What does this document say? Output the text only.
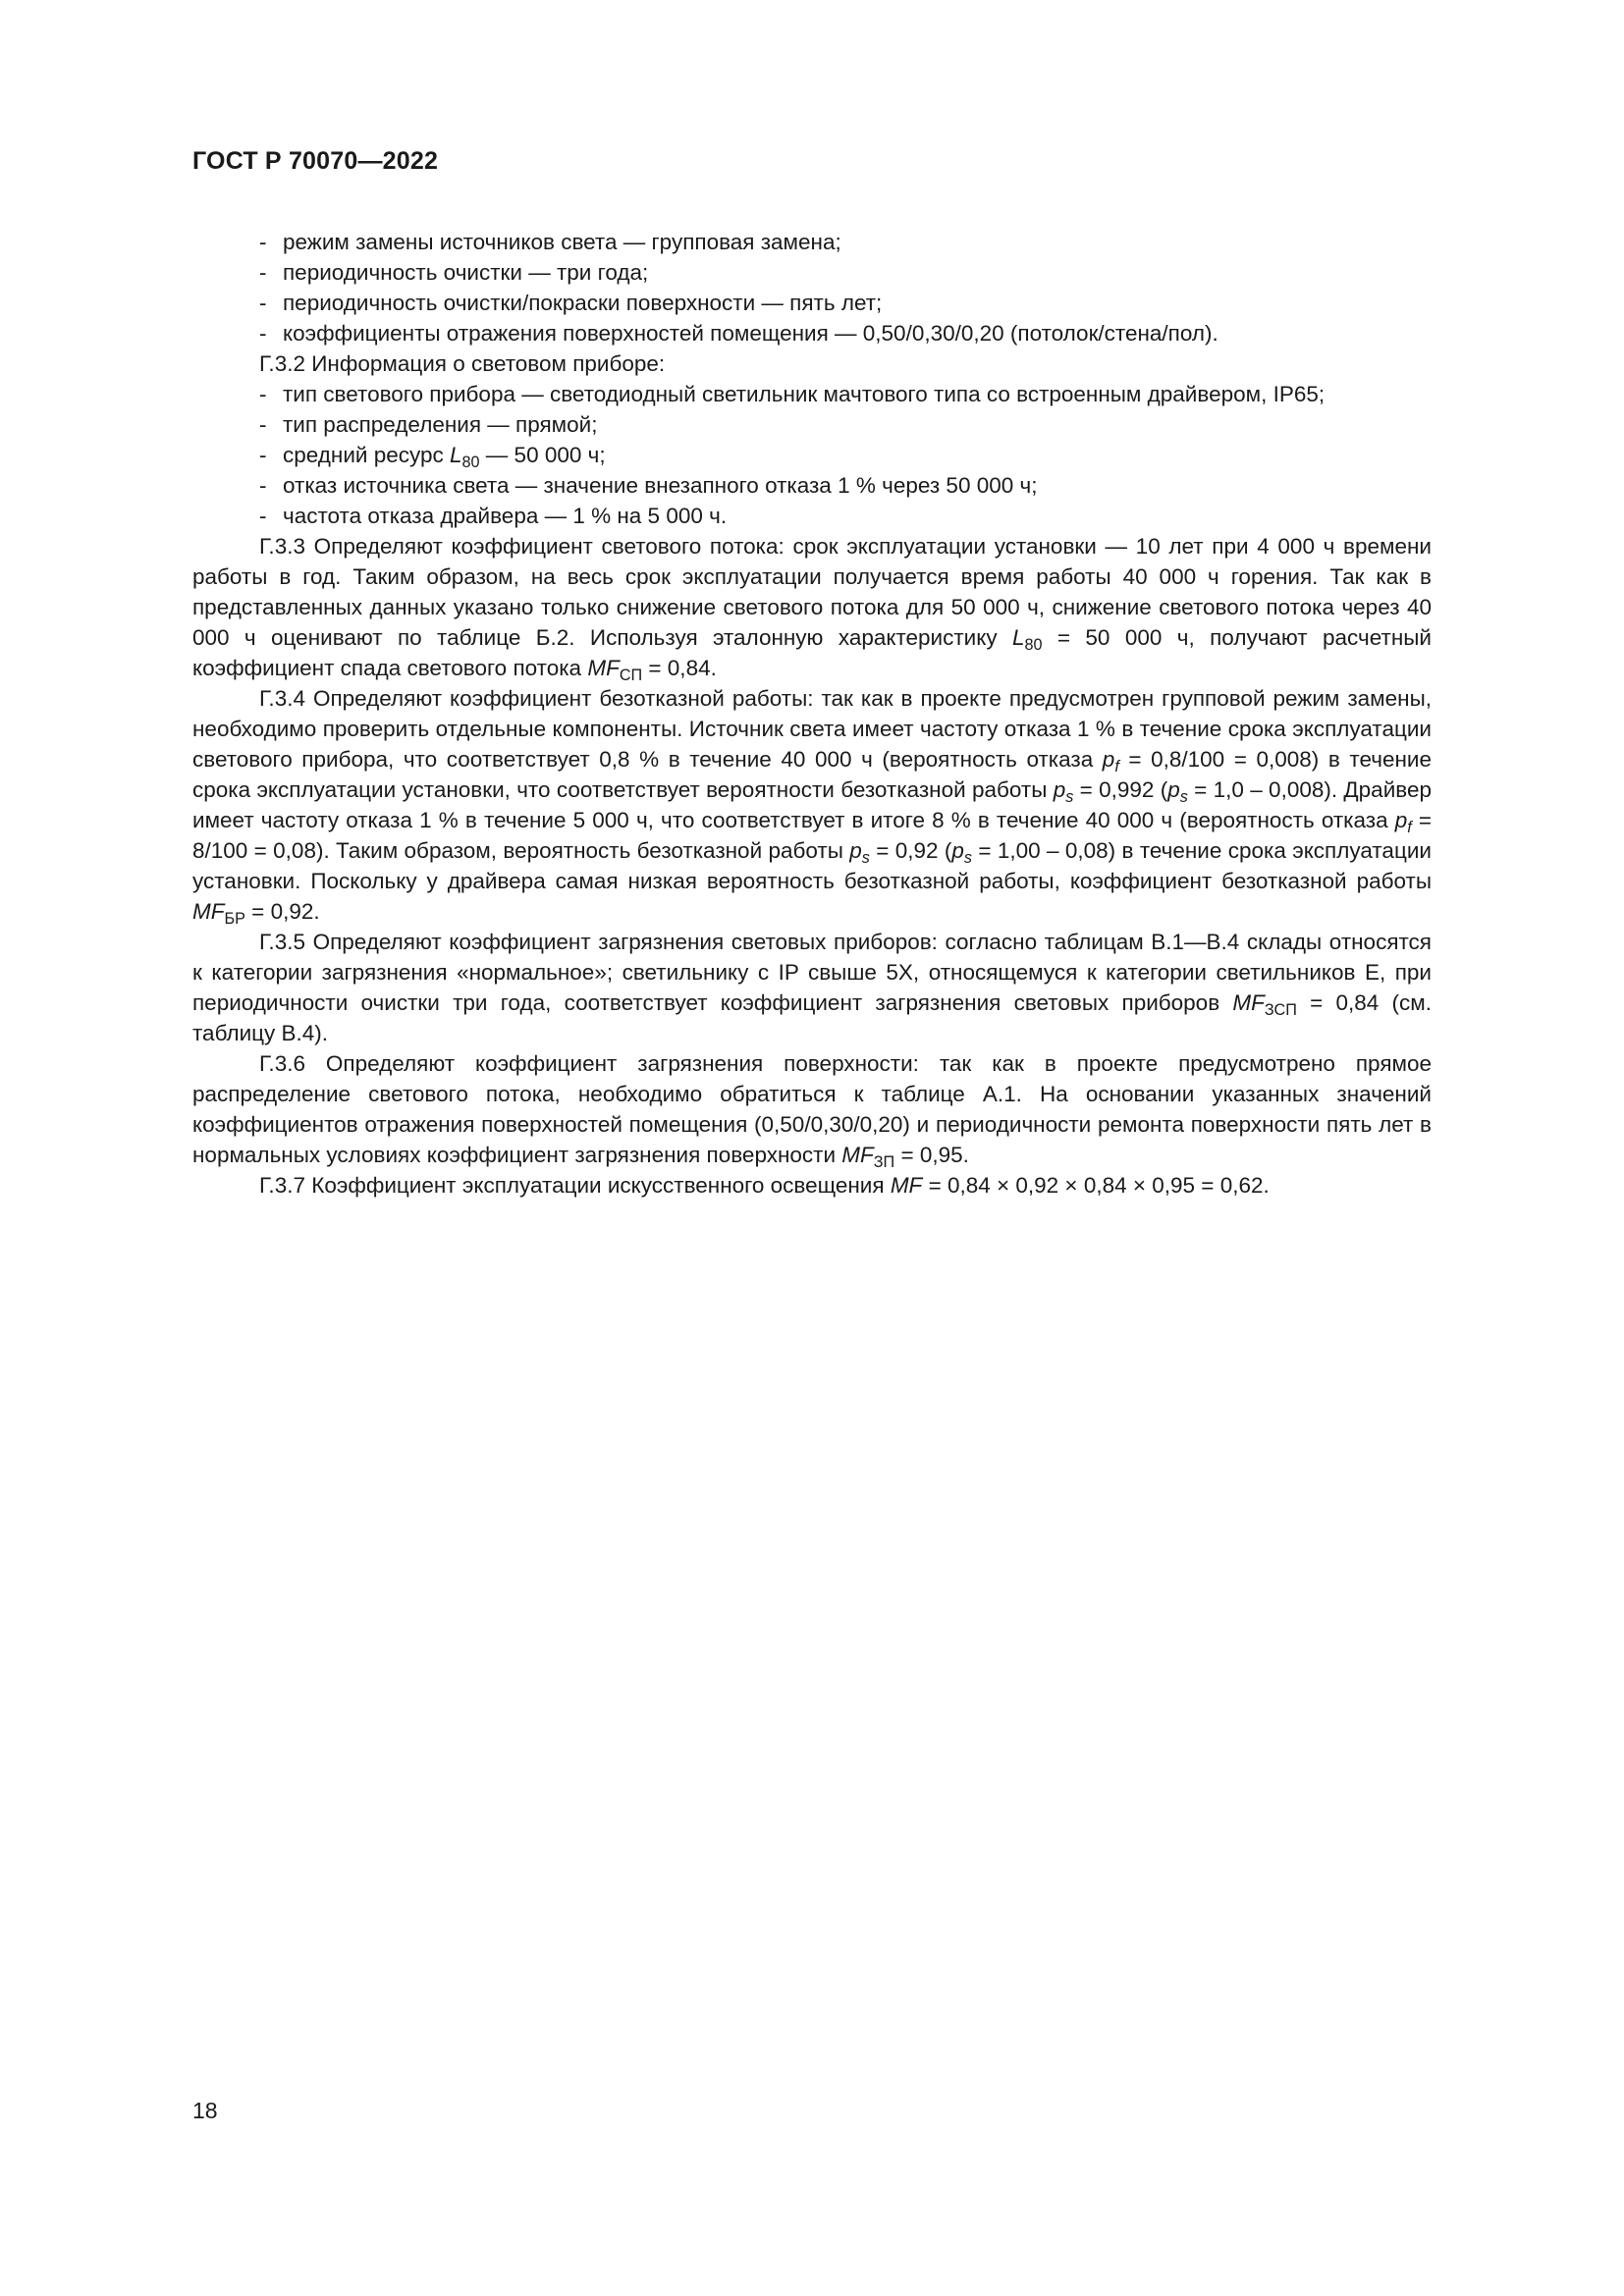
ГОСТ Р 70070—2022
- режим замены источников света — групповая замена;
- периодичность очистки — три года;
- периодичность очистки/покраски поверхности — пять лет;
- коэффициенты отражения поверхностей помещения — 0,50/0,30/0,20 (потолок/стена/пол).
Г.3.2 Информация о световом приборе:
- тип светового прибора — светодиодный светильник мачтового типа со встроенным драйвером, IP65;
- тип распределения — прямой;
- средний ресурс $L_{80}$ — 50 000 ч;
- отказ источника света — значение внезапного отказа 1 % через 50 000 ч;
- частота отказа драйвера — 1 % на 5 000 ч.
Г.3.3 Определяют коэффициент светового потока: срок эксплуатации установки — 10 лет при 4 000 ч времени работы в год. Таким образом, на весь срок эксплуатации получается время работы 40 000 ч горения. Так как в представленных данных указано только снижение светового потока для 50 000 ч, снижение светового потока через 40 000 ч оценивают по таблице Б.2. Используя эталонную характеристику $L_{80} = 50$ 000 ч, получают расчетный коэффициент спада светового потока $MF_{СП} = 0,84$.
Г.3.4 Определяют коэффициент безотказной работы: так как в проекте предусмотрен групповой режим замены, необходимо проверить отдельные компоненты. Источник света имеет частоту отказа 1 % в течение срока эксплуатации светового прибора, что соответствует 0,8 % в течение 40 000 ч (вероятность отказа $p_f = 0,8/100 = 0,008$) в течение срока эксплуатации установки, что соответствует вероятности безотказной работы $p_s = 0,992$ $(p_s = 1,0 - 0,008)$. Драйвер имеет частоту отказа 1 % в течение 5 000 ч, что соответствует в итоге 8 % в течение 40 000 ч (вероятность отказа $p_f = 8/100 = 0,08$). Таким образом, вероятность безотказной работы $p_s = 0,92$ $(p_s = 1,00 - 0,08)$ в течение срока эксплуатации установки. Поскольку у драйвера самая низкая вероятность безотказной работы, коэффициент безотказной работы $MF_{БР} = 0,92$.
Г.3.5 Определяют коэффициент загрязнения световых приборов: согласно таблицам В.1—В.4 склады относятся к категории загрязнения «нормальное»; светильнику с IP свыше 5Х, относящемуся к категории светильников Е, при периодичности очистки три года, соответствует коэффициент загрязнения световых приборов $MF_{ЗСП} = 0,84$ (см. таблицу В.4).
Г.3.6 Определяют коэффициент загрязнения поверхности: так как в проекте предусмотрено прямое распределение светового потока, необходимо обратиться к таблице А.1. На основании указанных значений коэффициентов отражения поверхностей помещения (0,50/0,30/0,20) и периодичности ремонта поверхности пять лет в нормальных условиях коэффициент загрязнения поверхности $MF_{ЗП} = 0,95$.
Г.3.7 Коэффициент эксплуатации искусственного освещения MF = 0,84 × 0,92 × 0,84 × 0,95 = 0,62.
18
